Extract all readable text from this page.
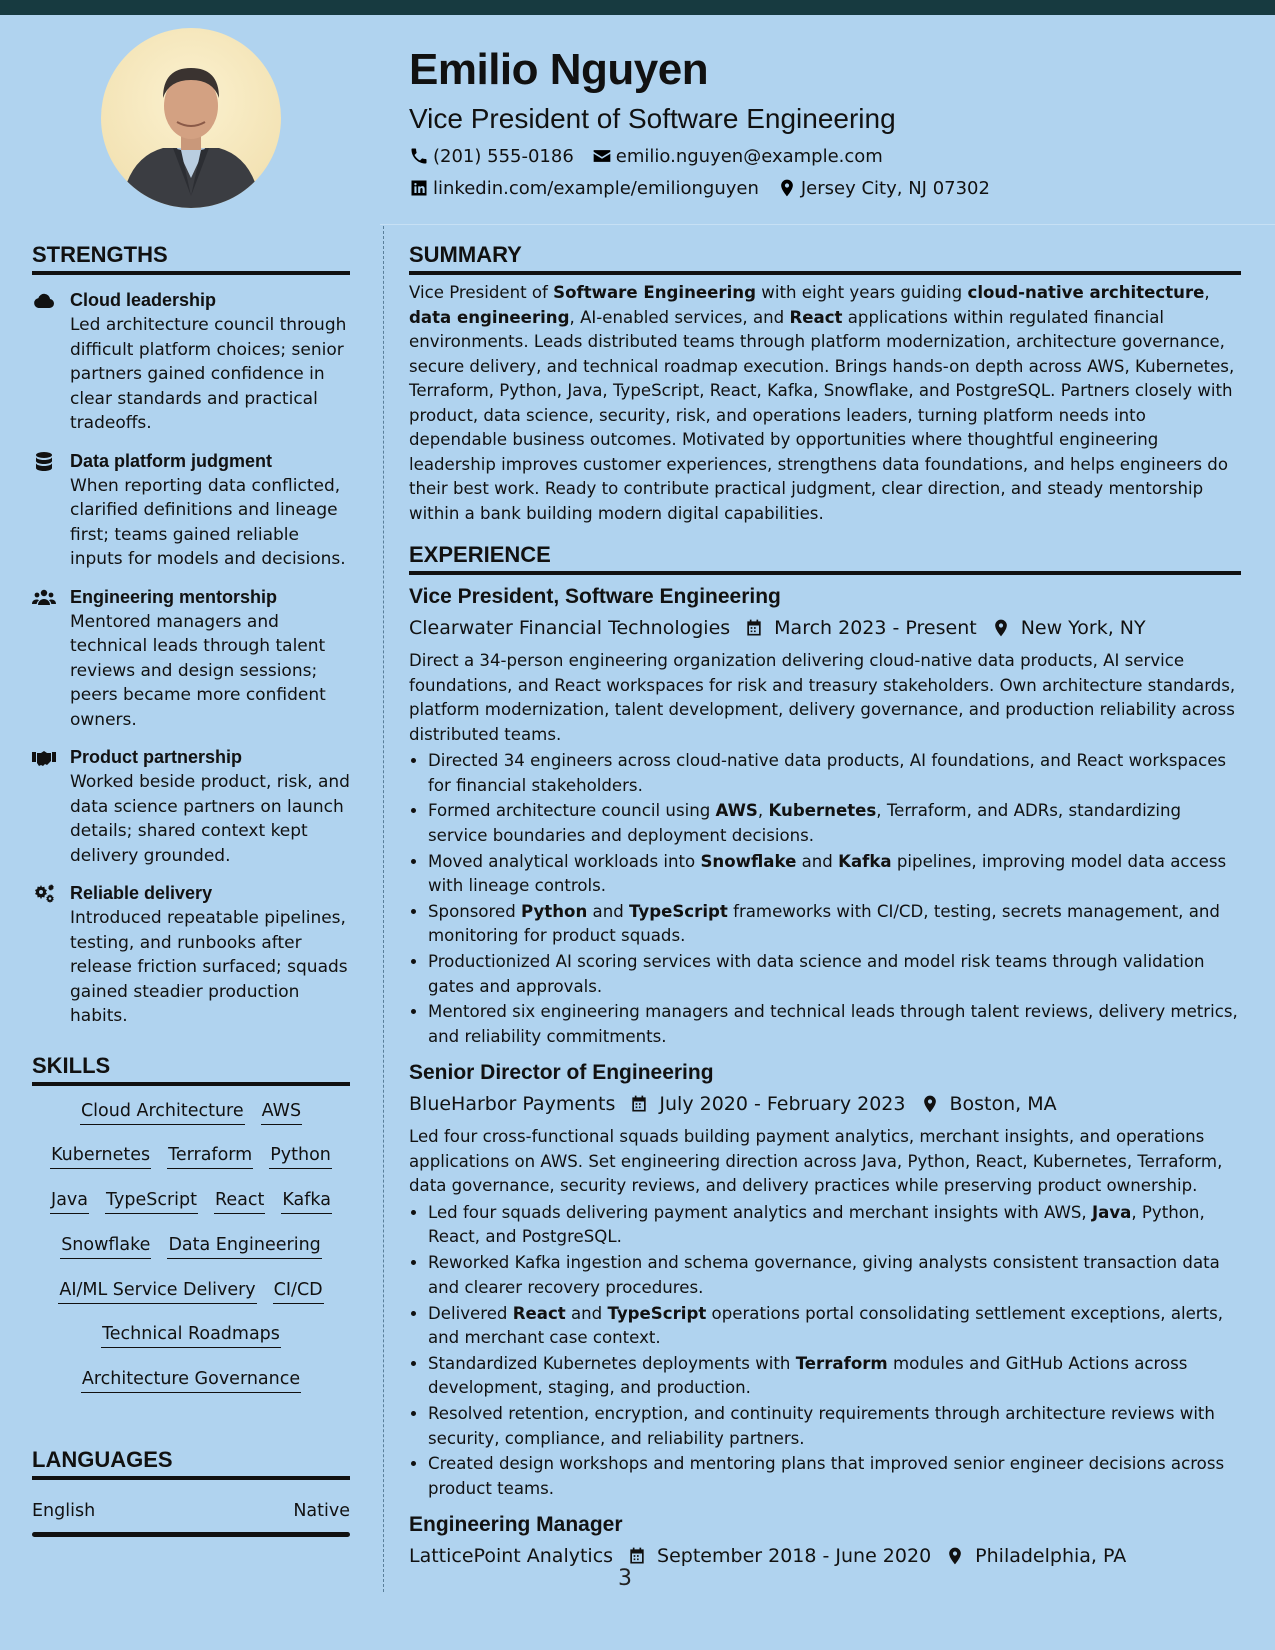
Emilio Nguyen
Vice President of Software Engineering
(201) 555-0186 emilio.nguyen@example.com
linkedin.com/example/emilionguyen Jersey City, NJ 07302
STRENGTHS
Cloud leadership
Led architecture council through difficult platform choices; senior partners gained confidence in clear standards and practical tradeoffs.
Data platform judgment
When reporting data conflicted, clarified definitions and lineage first; teams gained reliable inputs for models and decisions.
Engineering mentorship
Mentored managers and technical leads through talent reviews and design sessions; peers became more confident owners.
Product partnership
Worked beside product, risk, and data science partners on launch details; shared context kept delivery grounded.
Reliable delivery
Introduced repeatable pipelines, testing, and runbooks after release friction surfaced; squads gained steadier production habits.
SKILLS
Cloud Architecture AWS
Kubernetes Terraform Python
Java TypeScript React Kafka
Snowflake Data Engineering
AI/ML Service Delivery CI/CD
Technical Roadmaps
Architecture Governance
LANGUAGES
English	Native
SUMMARY
Vice President of Software Engineering with eight years guiding cloud-native architecture, data engineering, AI-enabled services, and React applications within regulated financial environments. Leads distributed teams through platform modernization, architecture governance, secure delivery, and technical roadmap execution. Brings hands-on depth across AWS, Kubernetes, Terraform, Python, Java, TypeScript, React, Kafka, Snowflake, and PostgreSQL. Partners closely with product, data science, security, risk, and operations leaders, turning platform needs into dependable business outcomes. Motivated by opportunities where thoughtful engineering leadership improves customer experiences, strengthens data foundations, and helps engineers do their best work. Ready to contribute practical judgment, clear direction, and steady mentorship within a bank building modern digital capabilities.
EXPERIENCE
Vice President, Software Engineering
Clearwater Financial Technologies March 2023 - Present New York, NY
Direct a 34-person engineering organization delivering cloud-native data products, AI service foundations, and React workspaces for risk and treasury stakeholders. Own architecture standards, platform modernization, talent development, delivery governance, and production reliability across distributed teams.
• Directed 34 engineers across cloud-native data products, AI foundations, and React workspaces for financial stakeholders.
• Formed architecture council using AWS, Kubernetes, Terraform, and ADRs, standardizing service boundaries and deployment decisions.
• Moved analytical workloads into Snowflake and Kafka pipelines, improving model data access with lineage controls.
• Sponsored Python and TypeScript frameworks with CI/CD, testing, secrets management, and monitoring for product squads.
• Productionized AI scoring services with data science and model risk teams through validation gates and approvals.
• Mentored six engineering managers and technical leads through talent reviews, delivery metrics, and reliability commitments.
Senior Director of Engineering
BlueHarbor Payments July 2020 - February 2023 Boston, MA
Led four cross-functional squads building payment analytics, merchant insights, and operations applications on AWS. Set engineering direction across Java, Python, React, Kubernetes, Terraform, data governance, security reviews, and delivery practices while preserving product ownership.
• Led four squads delivering payment analytics and merchant insights with AWS, Java, Python, React, and PostgreSQL.
• Reworked Kafka ingestion and schema governance, giving analysts consistent transaction data and clearer recovery procedures.
• Delivered React and TypeScript operations portal consolidating settlement exceptions, alerts, and merchant case context.
• Standardized Kubernetes deployments with Terraform modules and GitHub Actions across development, staging, and production.
• Resolved retention, encryption, and continuity requirements through architecture reviews with security, compliance, and reliability partners.
• Created design workshops and mentoring plans that improved senior engineer decisions across product teams.
Engineering Manager
LatticePoint Analytics September 2018 - June 2020 Philadelphia, PA
3
